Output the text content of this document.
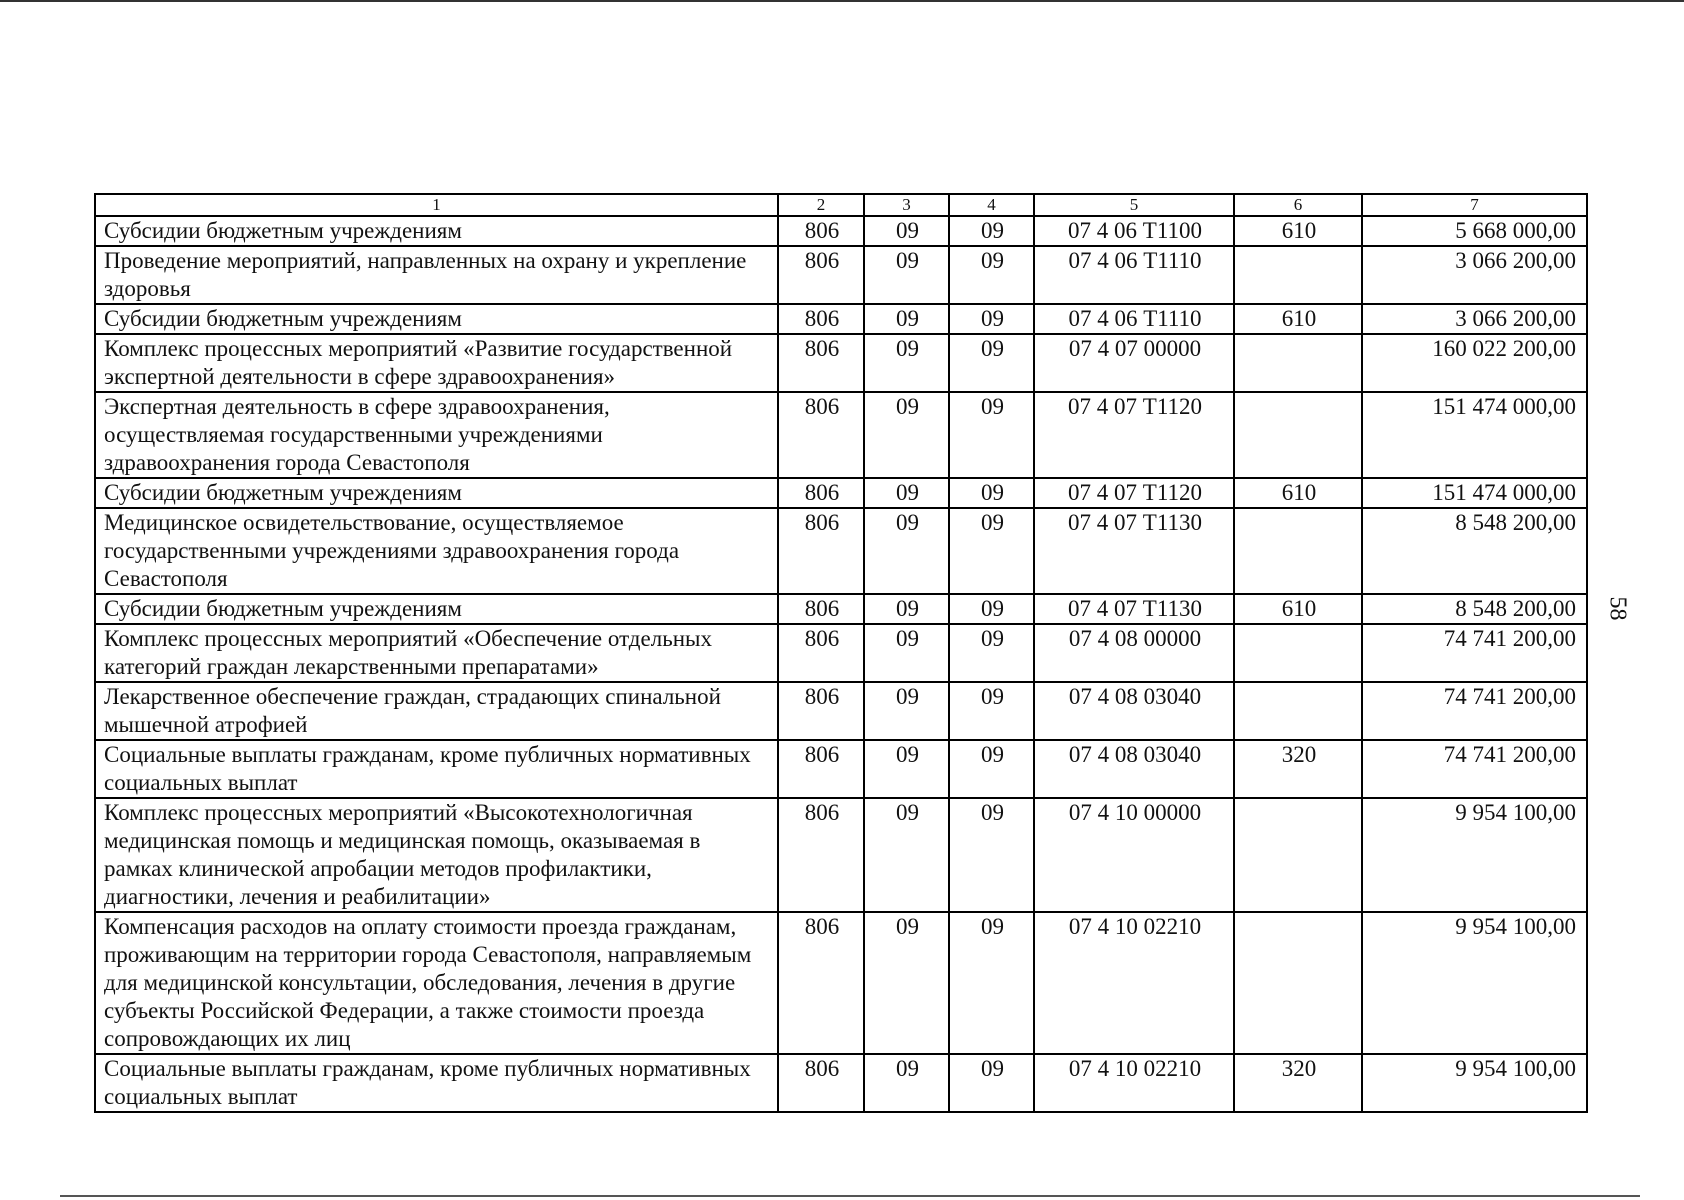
1	2	3	4	5	6	7
Субсидии бюджетным учреждениям	806	09	09	07 4 06 Т1100	610	5 668 000,00
Проведение мероприятий, направленных на охрану и укрепление здоровья	806	09	09	07 4 06 Т1110		3 066 200,00
Субсидии бюджетным учреждениям	806	09	09	07 4 06 Т1110	610	3 066 200,00
Комплекс процессных мероприятий «Развитие государственной экспертной деятельности в сфере здравоохранения»	806	09	09	07 4 07 00000		160 022 200,00
Экспертная деятельность в сфере здравоохранения, осуществляемая государственными учреждениями здравоохранения города Севастополя	806	09	09	07 4 07 Т1120		151 474 000,00
Субсидии бюджетным учреждениям	806	09	09	07 4 07 Т1120	610	151 474 000,00
Медицинское освидетельствование, осуществляемое государственными учреждениями здравоохранения города Севастополя	806	09	09	07 4 07 Т1130		8 548 200,00
Субсидии бюджетным учреждениям	806	09	09	07 4 07 Т1130	610	8 548 200,00
Комплекс процессных мероприятий «Обеспечение отдельных категорий граждан лекарственными препаратами»	806	09	09	07 4 08 00000		74 741 200,00
Лекарственное обеспечение граждан, страдающих спинальной мышечной атрофией	806	09	09	07 4 08 03040		74 741 200,00
Социальные выплаты гражданам, кроме публичных нормативных социальных выплат	806	09	09	07 4 08 03040	320	74 741 200,00
Комплекс процессных мероприятий «Высокотехнологичная медицинская помощь и медицинская помощь, оказываемая в рамках клинической апробации методов профилактики, диагностики, лечения и реабилитации»	806	09	09	07 4 10 00000		9 954 100,00
Компенсация расходов на оплату стоимости проезда гражданам, проживающим на территории города Севастополя, направляемым для медицинской консультации, обследования, лечения в другие субъекты Российской Федерации, а также стоимости проезда сопровождающих их лиц	806	09	09	07 4 10 02210		9 954 100,00
Социальные выплаты гражданам, кроме публичных нормативных социальных выплат	806	09	09	07 4 10 02210	320	9 954 100,00
58
